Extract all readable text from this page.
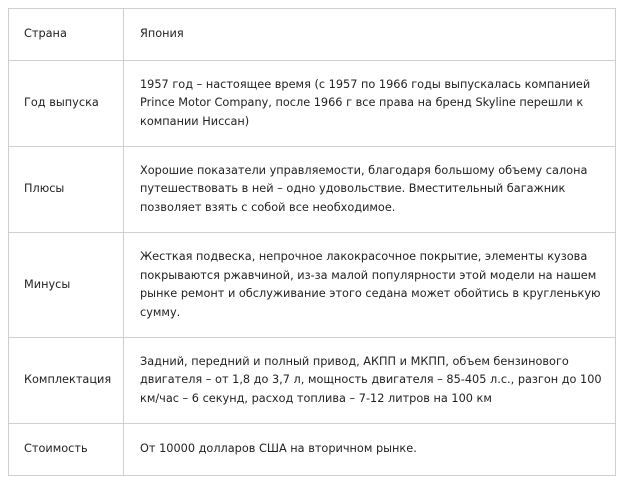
Страна	Япония
Год выпуска	1957 год – настоящее время (с 1957 по 1966 годы выпускалась компанией Prince Motor Company, после 1966 г все права на бренд Skyline перешли к компании Ниссан)
Плюсы	Хорошие показатели управляемости, благодаря большому объему салона путешествовать в ней – одно удовольствие. Вместительный багажник позволяет взять с собой все необходимое.
Минусы	Жесткая подвеска, непрочное лакокрасочное покрытие, элементы кузова покрываются ржавчиной, из-за малой популярности этой модели на нашем рынке ремонт и обслуживание этого седана может обойтись в кругленькую сумму.
Комплектация	Задний, передний и полный привод, АКПП и МКПП, объем бензинового двигателя – от 1,8 до 3,7 л, мощность двигателя – 85-405 л.с., разгон до 100 км/час – 6 секунд, расход топлива – 7-12 литров на 100 км
Стоимость	От 10000 долларов США на вторичном рынке.
